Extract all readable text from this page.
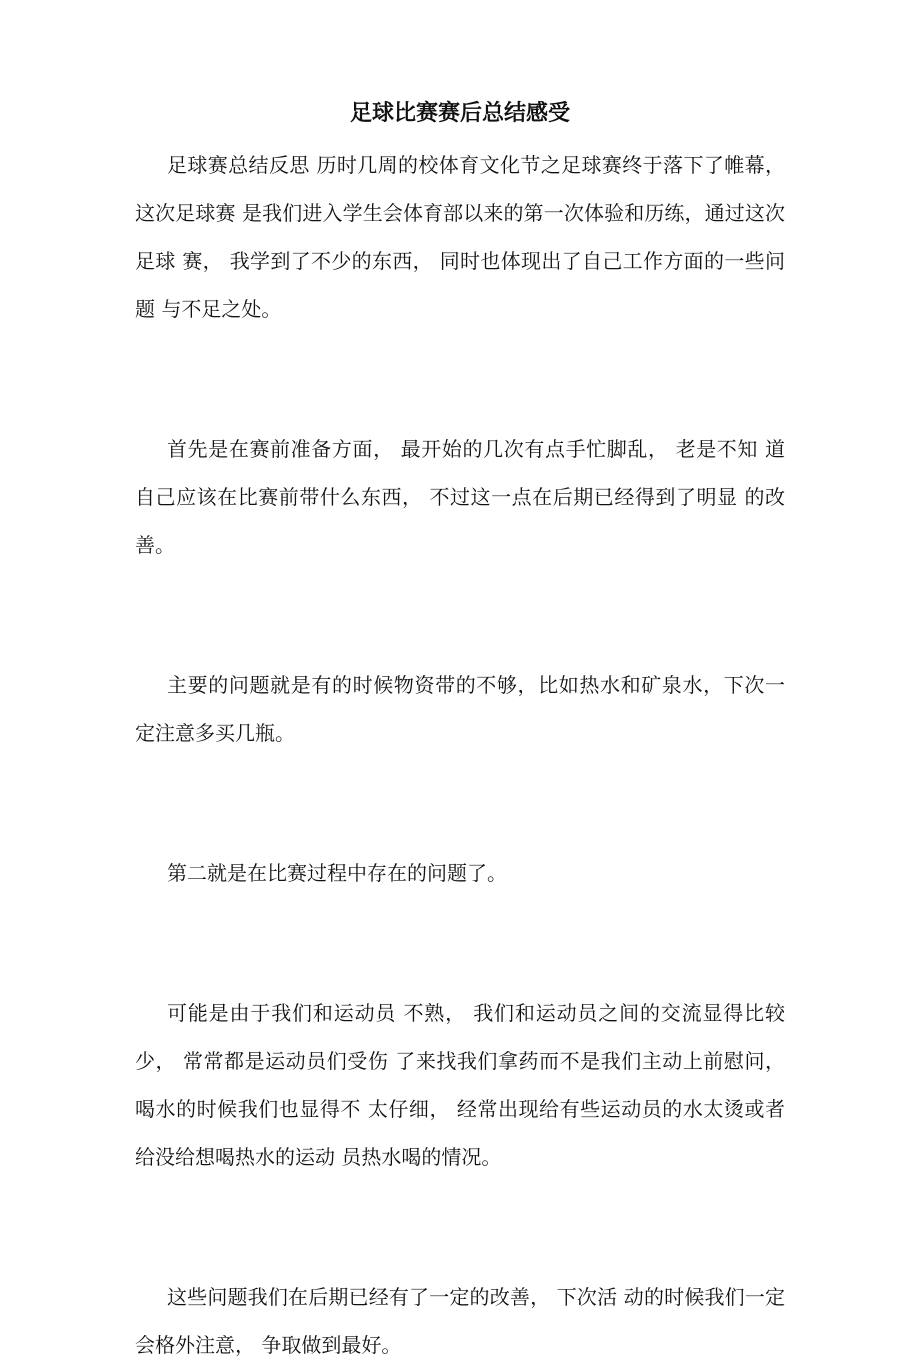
足球比赛赛后总结感受

足球赛总结反思 历时几周的校体育文化节之足球赛终于落下了帷幕， 这次足球赛 是我们进入学生会体育部以来的第一次体验和历练，通过这次足球 赛， 我学到了不少的东西， 同时也体现出了自己工作方面的一些问题 与不足之处。

首先是在赛前准备方面， 最开始的几次有点手忙脚乱， 老是不知 道自己应该在比赛前带什么东西， 不过这一点在后期已经得到了明显 的改善。

主要的问题就是有的时候物资带的不够，比如热水和矿泉水，下次一定注意多买几瓶。

第二就是在比赛过程中存在的问题了。

可能是由于我们和运动员 不熟， 我们和运动员之间的交流显得比较少， 常常都是运动员们受伤 了来找我们拿药而不是我们主动上前慰问， 喝水的时候我们也显得不 太仔细， 经常出现给有些运动员的水太烫或者给没给想喝热水的运动 员热水喝的情况。

这些问题我们在后期已经有了一定的改善， 下次活 动的时候我们一定会格外注意， 争取做到最好。
